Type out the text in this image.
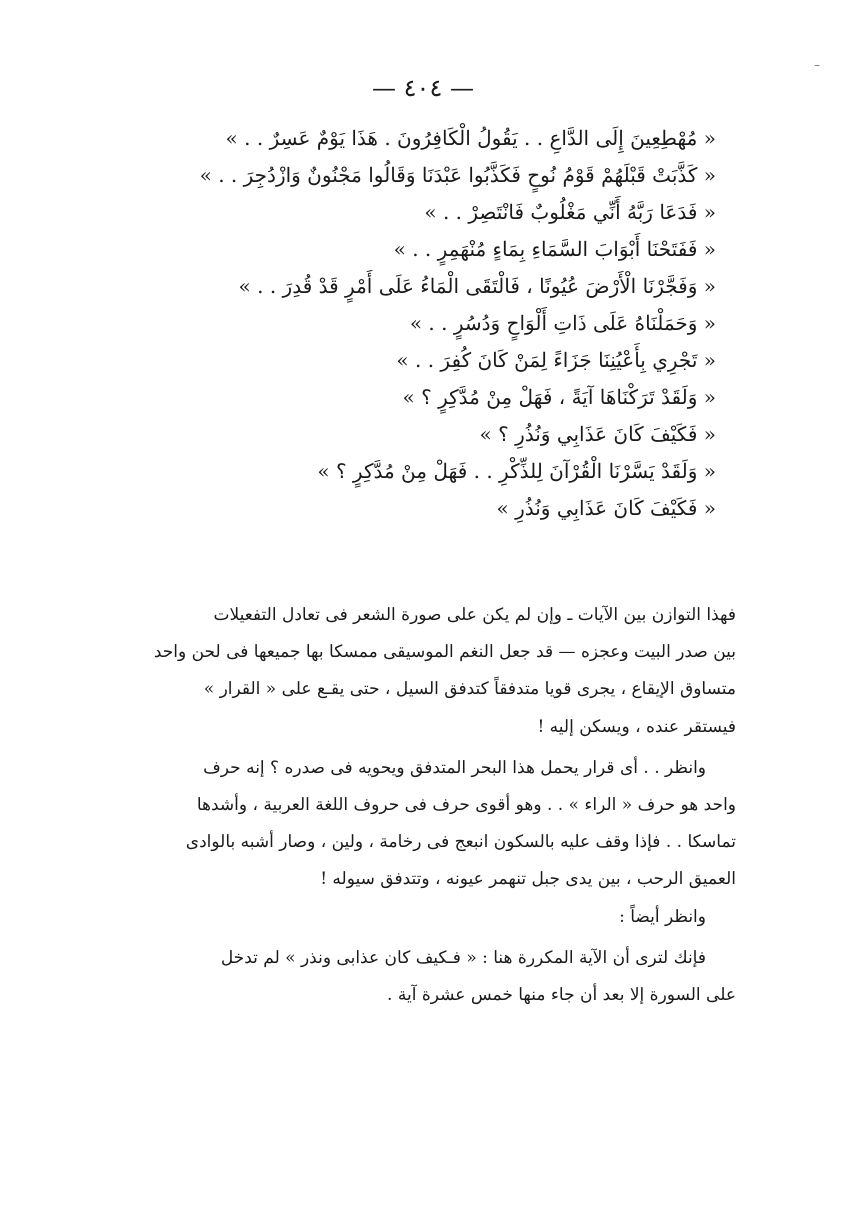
–
— ٤٠٤ —
« مُهْطِعِينَ إِلَى الدَّاعِ . . يَقُولُ الْكَافِرُونَ . هَذَا يَوْمٌ عَسِرٌ . . »
« كَذَّبَتْ قَبْلَهُمْ قَوْمُ نُوحٍ فَكَذَّبُوا عَبْدَنَا وَقَالُوا مَجْنُونٌ وَازْدُجِرَ . . »
« فَدَعَا رَبَّهُ أَنِّي مَغْلُوبٌ فَانْتَصِرْ . . »
« فَفَتَحْنَا أَبْوَابَ السَّمَاءِ بِمَاءٍ مُنْهَمِرٍ . . »
« وَفَجَّرْنَا الْأَرْضَ عُيُونًا ، فَالْتَقَى الْمَاءُ عَلَى أَمْرٍ قَدْ قُدِرَ . . »
« وَحَمَلْنَاهُ عَلَى ذَاتِ أَلْوَاحٍ وَدُسُرٍ . . »
« تَجْرِي بِأَعْيُنِنَا جَزَاءً لِمَنْ كَانَ كُفِرَ . . »
« وَلَقَدْ تَرَكْنَاهَا آيَةً ، فَهَلْ مِنْ مُدَّكِرٍ ؟ »
« فَكَيْفَ كَانَ عَذَابِي وَنُذُرِ ؟ »
« وَلَقَدْ يَسَّرْنَا الْقُرْآنَ لِلذِّكْرِ . . فَهَلْ مِنْ مُدَّكِرٍ ؟ »
« فَكَيْفَ كَانَ عَذَابِي وَنُذُرِ »
فهذا التوازن بين الآيات ـ وإن لم يكن على صورة الشعر فى تعادل التفعيلات
بين صدر البيت وعجزه — قد جعل النغم الموسيقى ممسكا بها جميعها فى لحن واحد
متساوق الإيقاع ، يجرى قويا متدفقاً كتدفق السيل ، حتى يقـع على « القرار »
فيستقر عنده ، ويسكن إليه !
وانظر . . أى قرار يحمل هذا البحر المتدفق ويحويه فى صدره ؟ إنه حرف
واحد هو حرف « الراء » . . وهو أقوى حرف فى حروف اللغة العربية ، وأشدها
تماسكا . . فإذا وقف عليه بالسكون انبعج فى رخامة ، ولين ، وصار أشبه بالوادى
العميق الرحب ، بين يدى جبل تنهمر عيونه ، وتتدفق سيوله !
وانظر أيضاً :
فإنك لترى أن الآية المكررة هنا : « فـكيف كان عذابى ونذر » لم تدخل
على السورة إلا بعد أن جاء منها خمس عشرة آية .
